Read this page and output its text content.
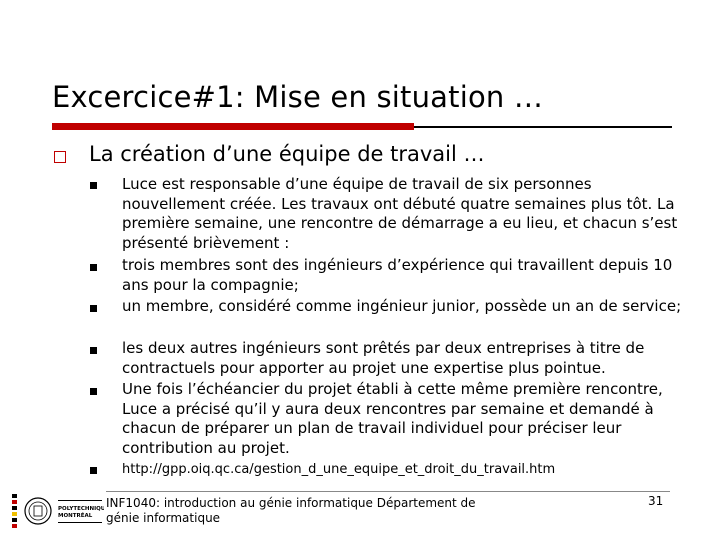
Excercice#1: Mise en situation …
La création d’une équipe de travail …
Luce est responsable d’une équipe de travail de six personnes nouvellement créée. Les travaux ont débuté quatre semaines plus tôt. La première semaine, une rencontre de démarrage a eu lieu, et chacun s’est présenté brièvement :
trois membres sont des ingénieurs d’expérience qui travaillent depuis 10 ans pour la compagnie;
un membre, considéré comme ingénieur junior, possède un an de service;
les deux autres ingénieurs sont prêtés par deux entreprises à titre de contractuels pour apporter au projet une expertise plus pointue.
Une fois l’échéancier du projet établi à cette même première rencontre, Luce a précisé qu’il y aura deux rencontres par semaine et demandé à chacun de préparer un plan de travail individuel pour préciser leur contribution au projet.
http://gpp.oiq.qc.ca/gestion_d_une_equipe_et_droit_du_travail.htm
POLYTECHNIQUE
MONTRÉAL
INF1040: introduction au génie informatique Département de génie informatique
31
